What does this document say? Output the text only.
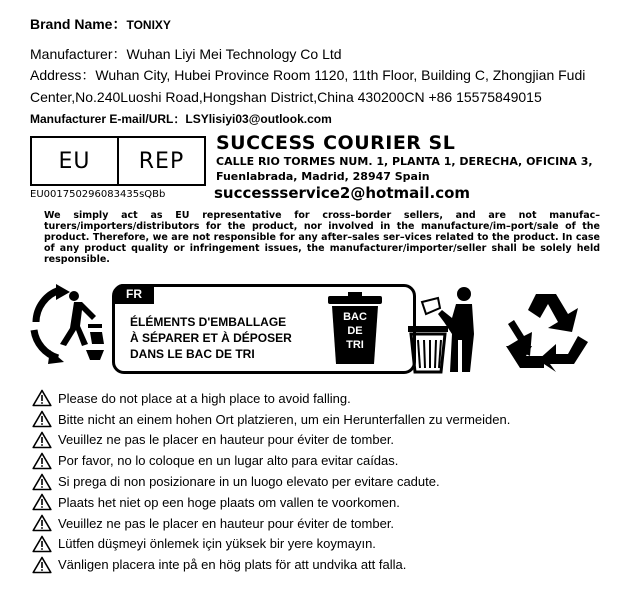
Brand Name：TONIXY
Manufacturer：Wuhan Liyi Mei Technology Co Ltd
Address：Wuhan City, Hubei Province Room 1120, 11th Floor, Building C, Zhongjian Fudi Center,No.240Luoshi Road,Hongshan District,China 430200CN +86 15575849015
Manufacturer E-mail/URL：LSYlisiyi03@outlook.com
EU	REP
EU001750296083435sQBb
SUCCESS COURIER SL
CALLE RIO TORMES NUM. 1, PLANTA 1, DERECHA, OFICINA 3, Fuenlabrada, Madrid, 28947 Spain
successservice2@hotmail.com
We simply act as EU representative for cross–border sellers, and are not manufac–turers/importers/distributors for the product, nor involved in the manufacture/im–port/sale of the product. Therefore, we are not responsible for any after–sales ser–vices related to the product. In case of any product quality or infringement issues, the manufacturer/importer/seller shall be solely held responsible.
FR
ÉLÉMENTS D'EMBALLAGE
À SÉPARER ET À DÉPOSER
DANS LE BAC DE TRI
BAC
DE
TRI
Please do not place at a high place to avoid falling.
Bitte nicht an einem hohen Ort platzieren, um ein Herunterfallen zu vermeiden.
Veuillez ne pas le placer en hauteur pour éviter de tomber.
Por favor, no lo coloque en un lugar alto para evitar caídas.
Si prega di non posizionare in un luogo elevato per evitare cadute.
Plaats het niet op een hoge plaats om vallen te voorkomen.
Veuillez ne pas le placer en hauteur pour éviter de tomber.
Lütfen düşmeyi önlemek için yüksek bir yere koymayın.
Vänligen placera inte på en hög plats för att undvika att falla.
